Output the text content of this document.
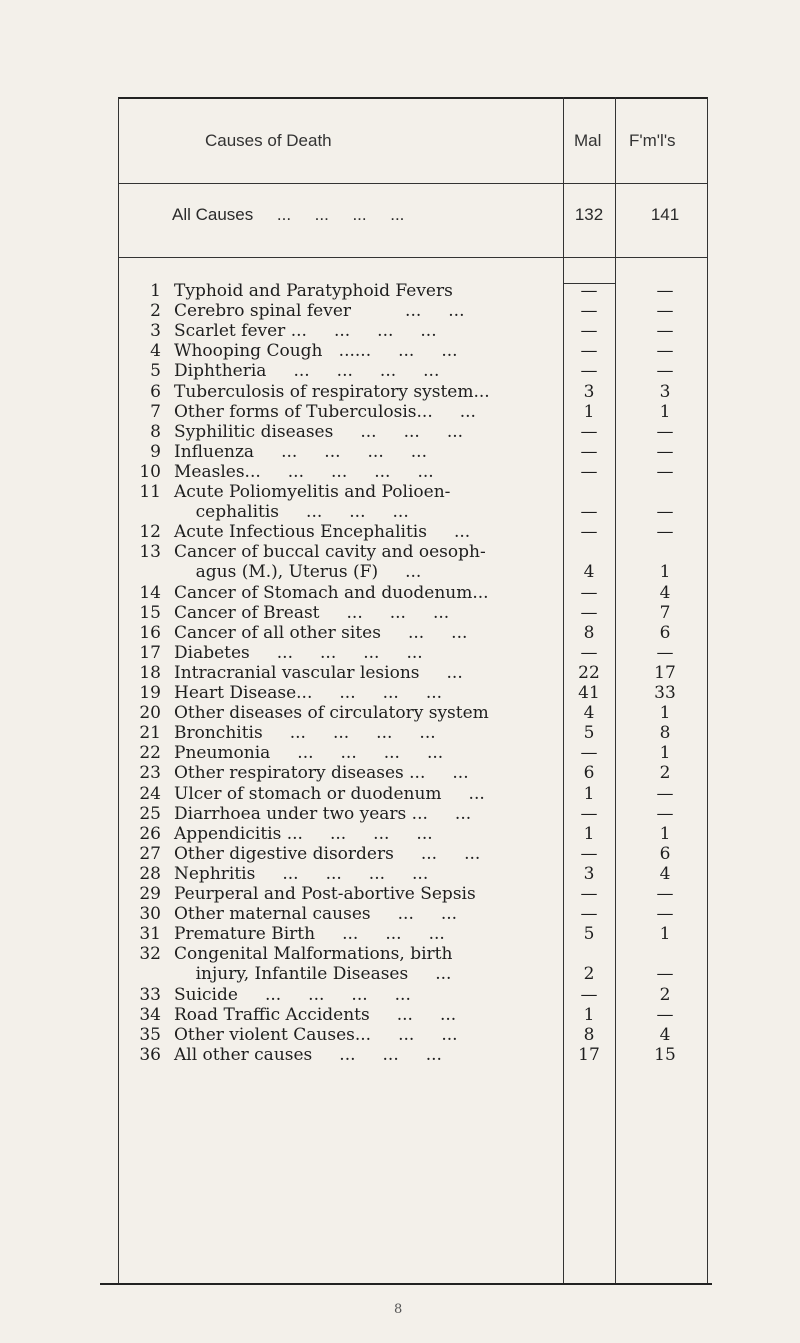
Causes of Death	Mal F'm'l's
All Causes     ...     ...     ...     ...	132	141
1 Typhoid and Paratyphoid Fevers	—	—
2 Cerebro spinal fever          ...     ...	—	—
3 Scarlet fever ...     ...     ...     ...	—	—
4 Whooping Cough   ......     ...     ...	—	—
5 Diphtheria     ...     ...     ...     ...	—	—
6 Tuberculosis of respiratory system...	3	3
7 Other forms of Tuberculosis...     ...	1	1
8 Syphilitic diseases     ...     ...     ...	—	—
9 Influenza     ...     ...     ...     ...	—	—
10 Measles...     ...     ...     ...     ...	—	—
11 Acute Poliomyelitis and Polioen-
cephalitis     ...     ...     ...	—	—
12 Acute Infectious Encephalitis     ...	—	—
13 Cancer of buccal cavity and oesoph-
agus (M.), Uterus (F)     ...	4	1
14 Cancer of Stomach and duodenum...	—	4
15 Cancer of Breast     ...     ...     ...	—	7
16 Cancer of all other sites     ...     ...	8	6
17 Diabetes     ...     ...     ...     ...	—	—
18 Intracranial vascular lesions     ...	22	17
19 Heart Disease...     ...     ...     ...	41	33
20 Other diseases of circulatory system	4	1
21 Bronchitis     ...     ...     ...     ...	5	8
22 Pneumonia     ...     ...     ...     ...	—	1
23 Other respiratory diseases ...     ...	6	2
24 Ulcer of stomach or duodenum     ...	1	—
25 Diarrhoea under two years ...     ...	—	—
26 Appendicitis ...     ...     ...     ...	1	1
27 Other digestive disorders     ...     ...	—	6
28 Nephritis     ...     ...     ...     ...	3	4
29 Peurperal and Post-abortive Sepsis	—	—
30 Other maternal causes     ...     ...	—	—
31 Premature Birth     ...     ...     ...	5	1
32 Congenital Malformations, birth
injury, Infantile Diseases     ...	2	—
33 Suicide     ...     ...     ...     ...	—	2
34 Road Traffic Accidents     ...     ...	1	—
35 Other violent Causes...     ...     ...	8	4
36 All other causes     ...     ...     ...	17	15
8
